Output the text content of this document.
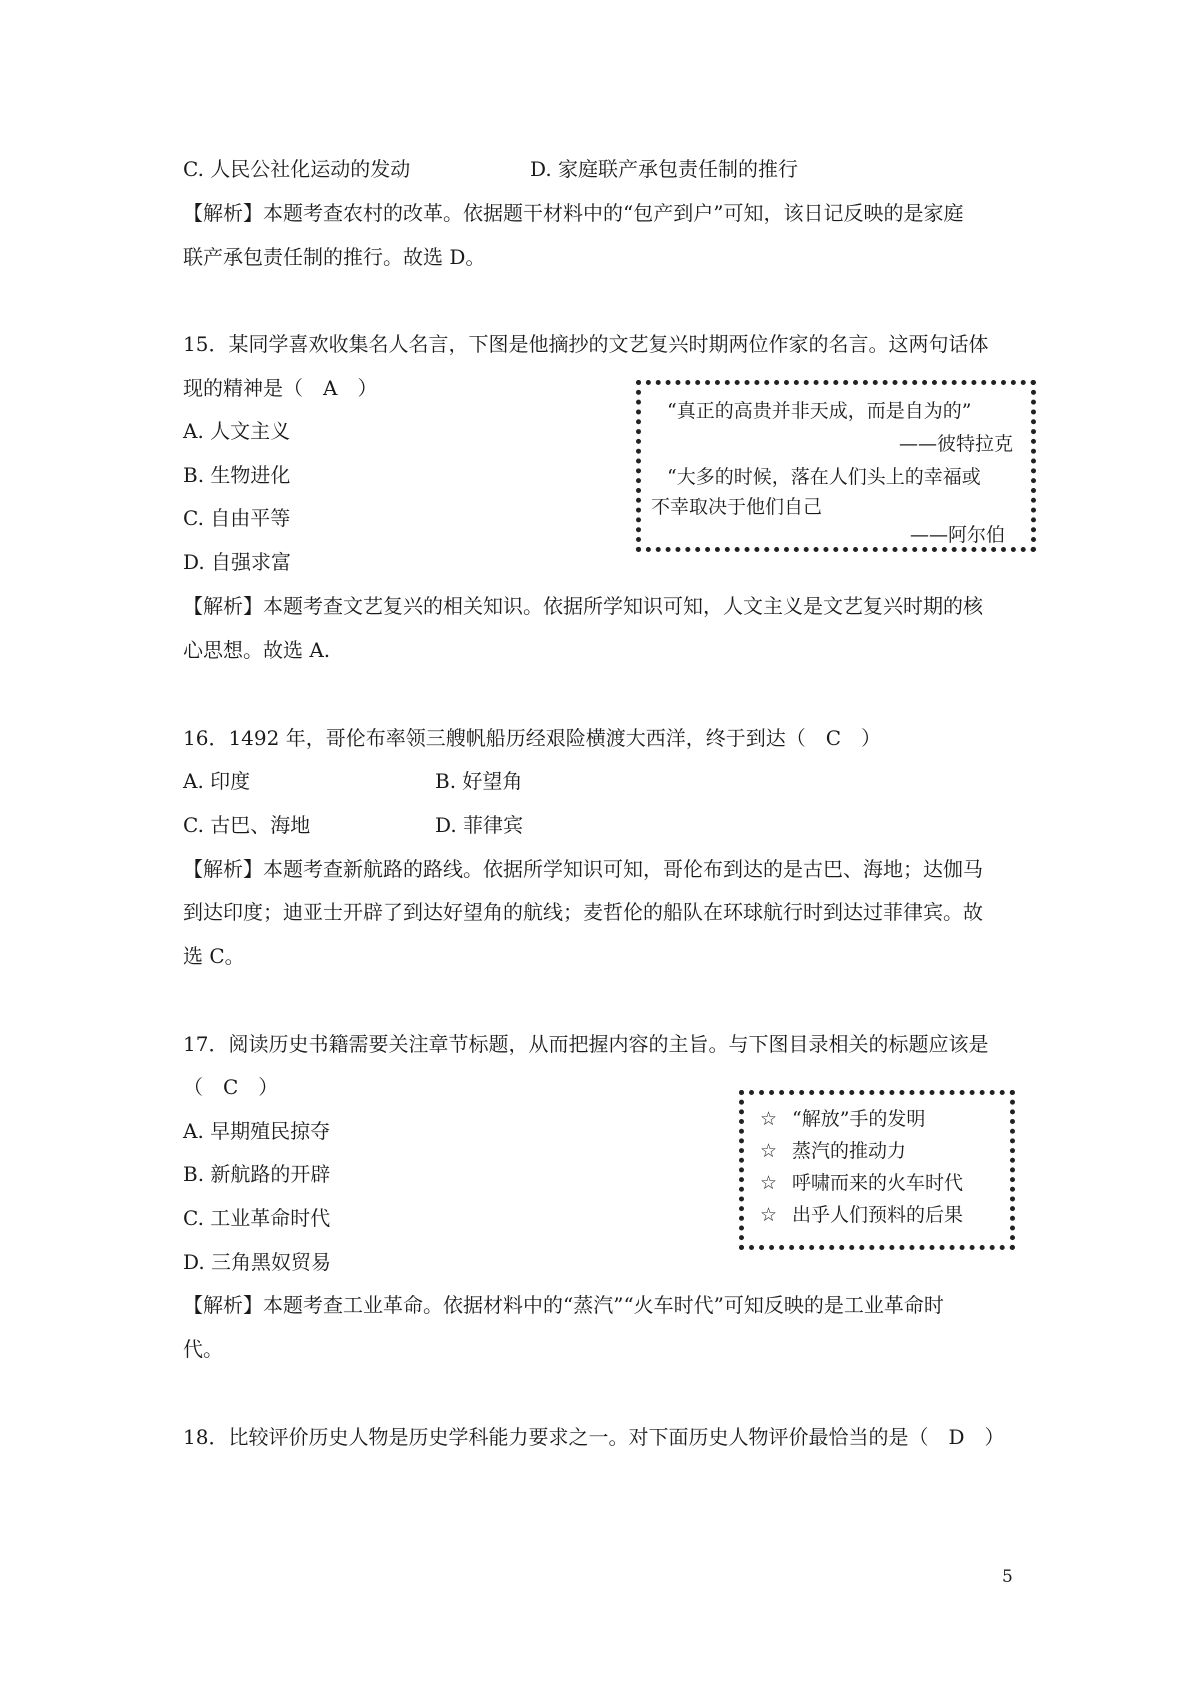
C. 人民公社化运动的发动	D. 家庭联产承包责任制的推行

【解析】本题考查农村的改革。依据题干材料中的“包产到户”可知，该日记反映的是家庭

联产承包责任制的推行。故选 D。

15．某同学喜欢收集名人名言，下图是他摘抄的文艺复兴时期两位作家的名言。这两句话体

现的精神是（　A　）

A. 人文主义

B. 生物进化

C. 自由平等

D. 自强求富

“真正的高贵并非天成，而是自为的”
——彼特拉克
“大多的时候，落在人们头上的幸福或
不幸取决于他们自己
——阿尔伯

【解析】本题考查文艺复兴的相关知识。依据所学知识可知，人文主义是文艺复兴时期的核

心思想。故选 A.

16．1492 年，哥伦布率领三艘帆船历经艰险横渡大西洋，终于到达（　C　）

A. 印度	B. 好望角

C. 古巴、海地	D. 菲律宾

【解析】本题考查新航路的路线。依据所学知识可知，哥伦布到达的是古巴、海地；达伽马

到达印度；迪亚士开辟了到达好望角的航线；麦哲伦的船队在环球航行时到达过菲律宾。故

选 C。

17．阅读历史书籍需要关注章节标题，从而把握内容的主旨。与下图目录相关的标题应该是

（　C　）

A. 早期殖民掠夺

B. 新航路的开辟

C. 工业革命时代

D. 三角黑奴贸易

☆ “解放”手的发明
☆ 蒸汽的推动力
☆ 呼啸而来的火车时代
☆ 出乎人们预料的后果

【解析】本题考查工业革命。依据材料中的“蒸汽”“火车时代”可知反映的是工业革命时

代。

18．比较评价历史人物是历史学科能力要求之一。对下面历史人物评价最恰当的是（　D　）

5
